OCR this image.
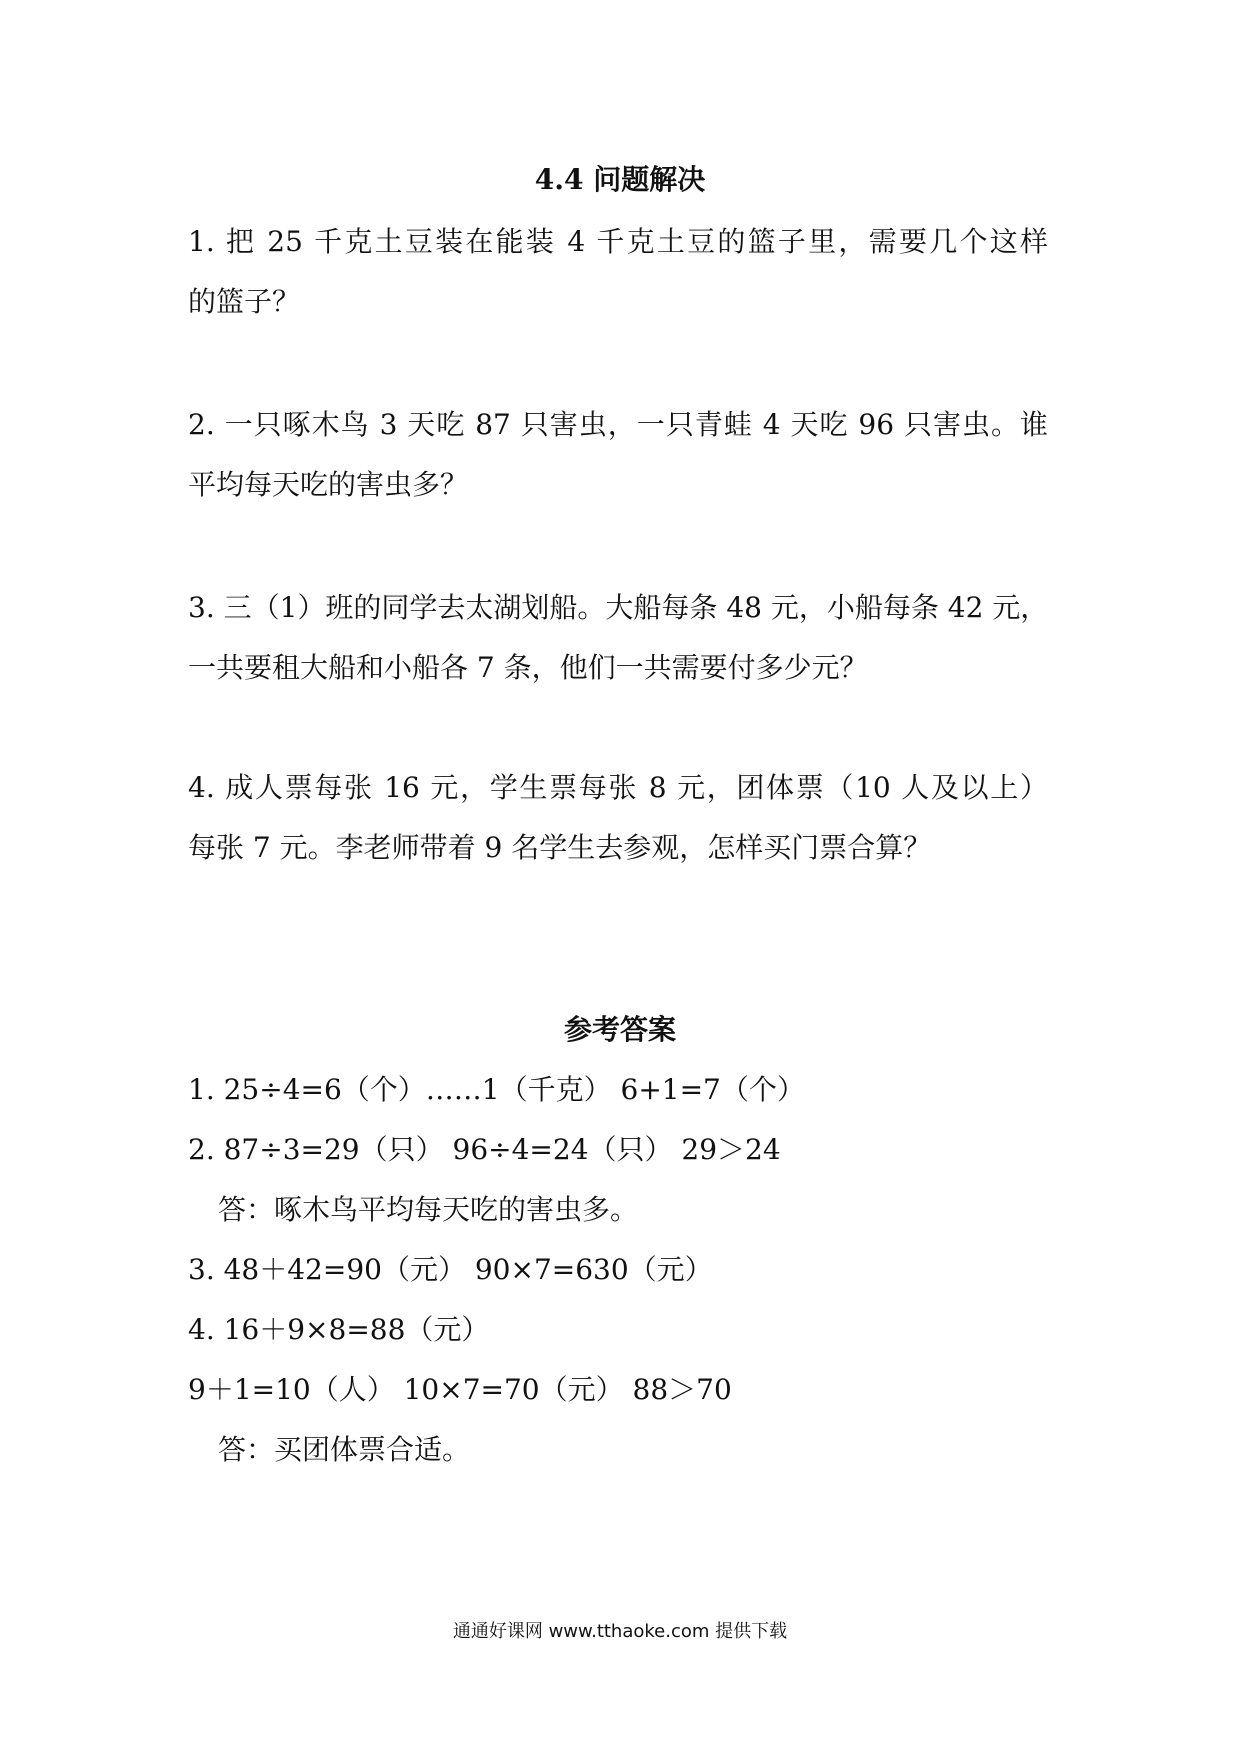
4.4 问题解决
1. 把 25 千克土豆装在能装 4 千克土豆的篮子里，需要几个这样
的篮子？
2. 一只啄木鸟 3 天吃 87 只害虫，一只青蛙 4 天吃 96 只害虫。谁
平均每天吃的害虫多？
3. 三（1）班的同学去太湖划船。大船每条 48 元，小船每条 42 元，
一共要租大船和小船各 7 条，他们一共需要付多少元？
4. 成人票每张 16 元，学生票每张 8 元，团体票（10 人及以上）
每张 7 元。李老师带着 9 名学生去参观，怎样买门票合算？
参考答案
1. 25÷4=6（个）……1（千克） 6+1=7（个）
2. 87÷3=29（只） 96÷4=24（只） 29＞24
答：啄木鸟平均每天吃的害虫多。
3. 48＋42=90（元） 90×7=630（元）
4. 16＋9×8=88（元）
9＋1=10（人） 10×7=70（元） 88＞70
答：买团体票合适。
通通好课网 www.tthaoke.com 提供下载
